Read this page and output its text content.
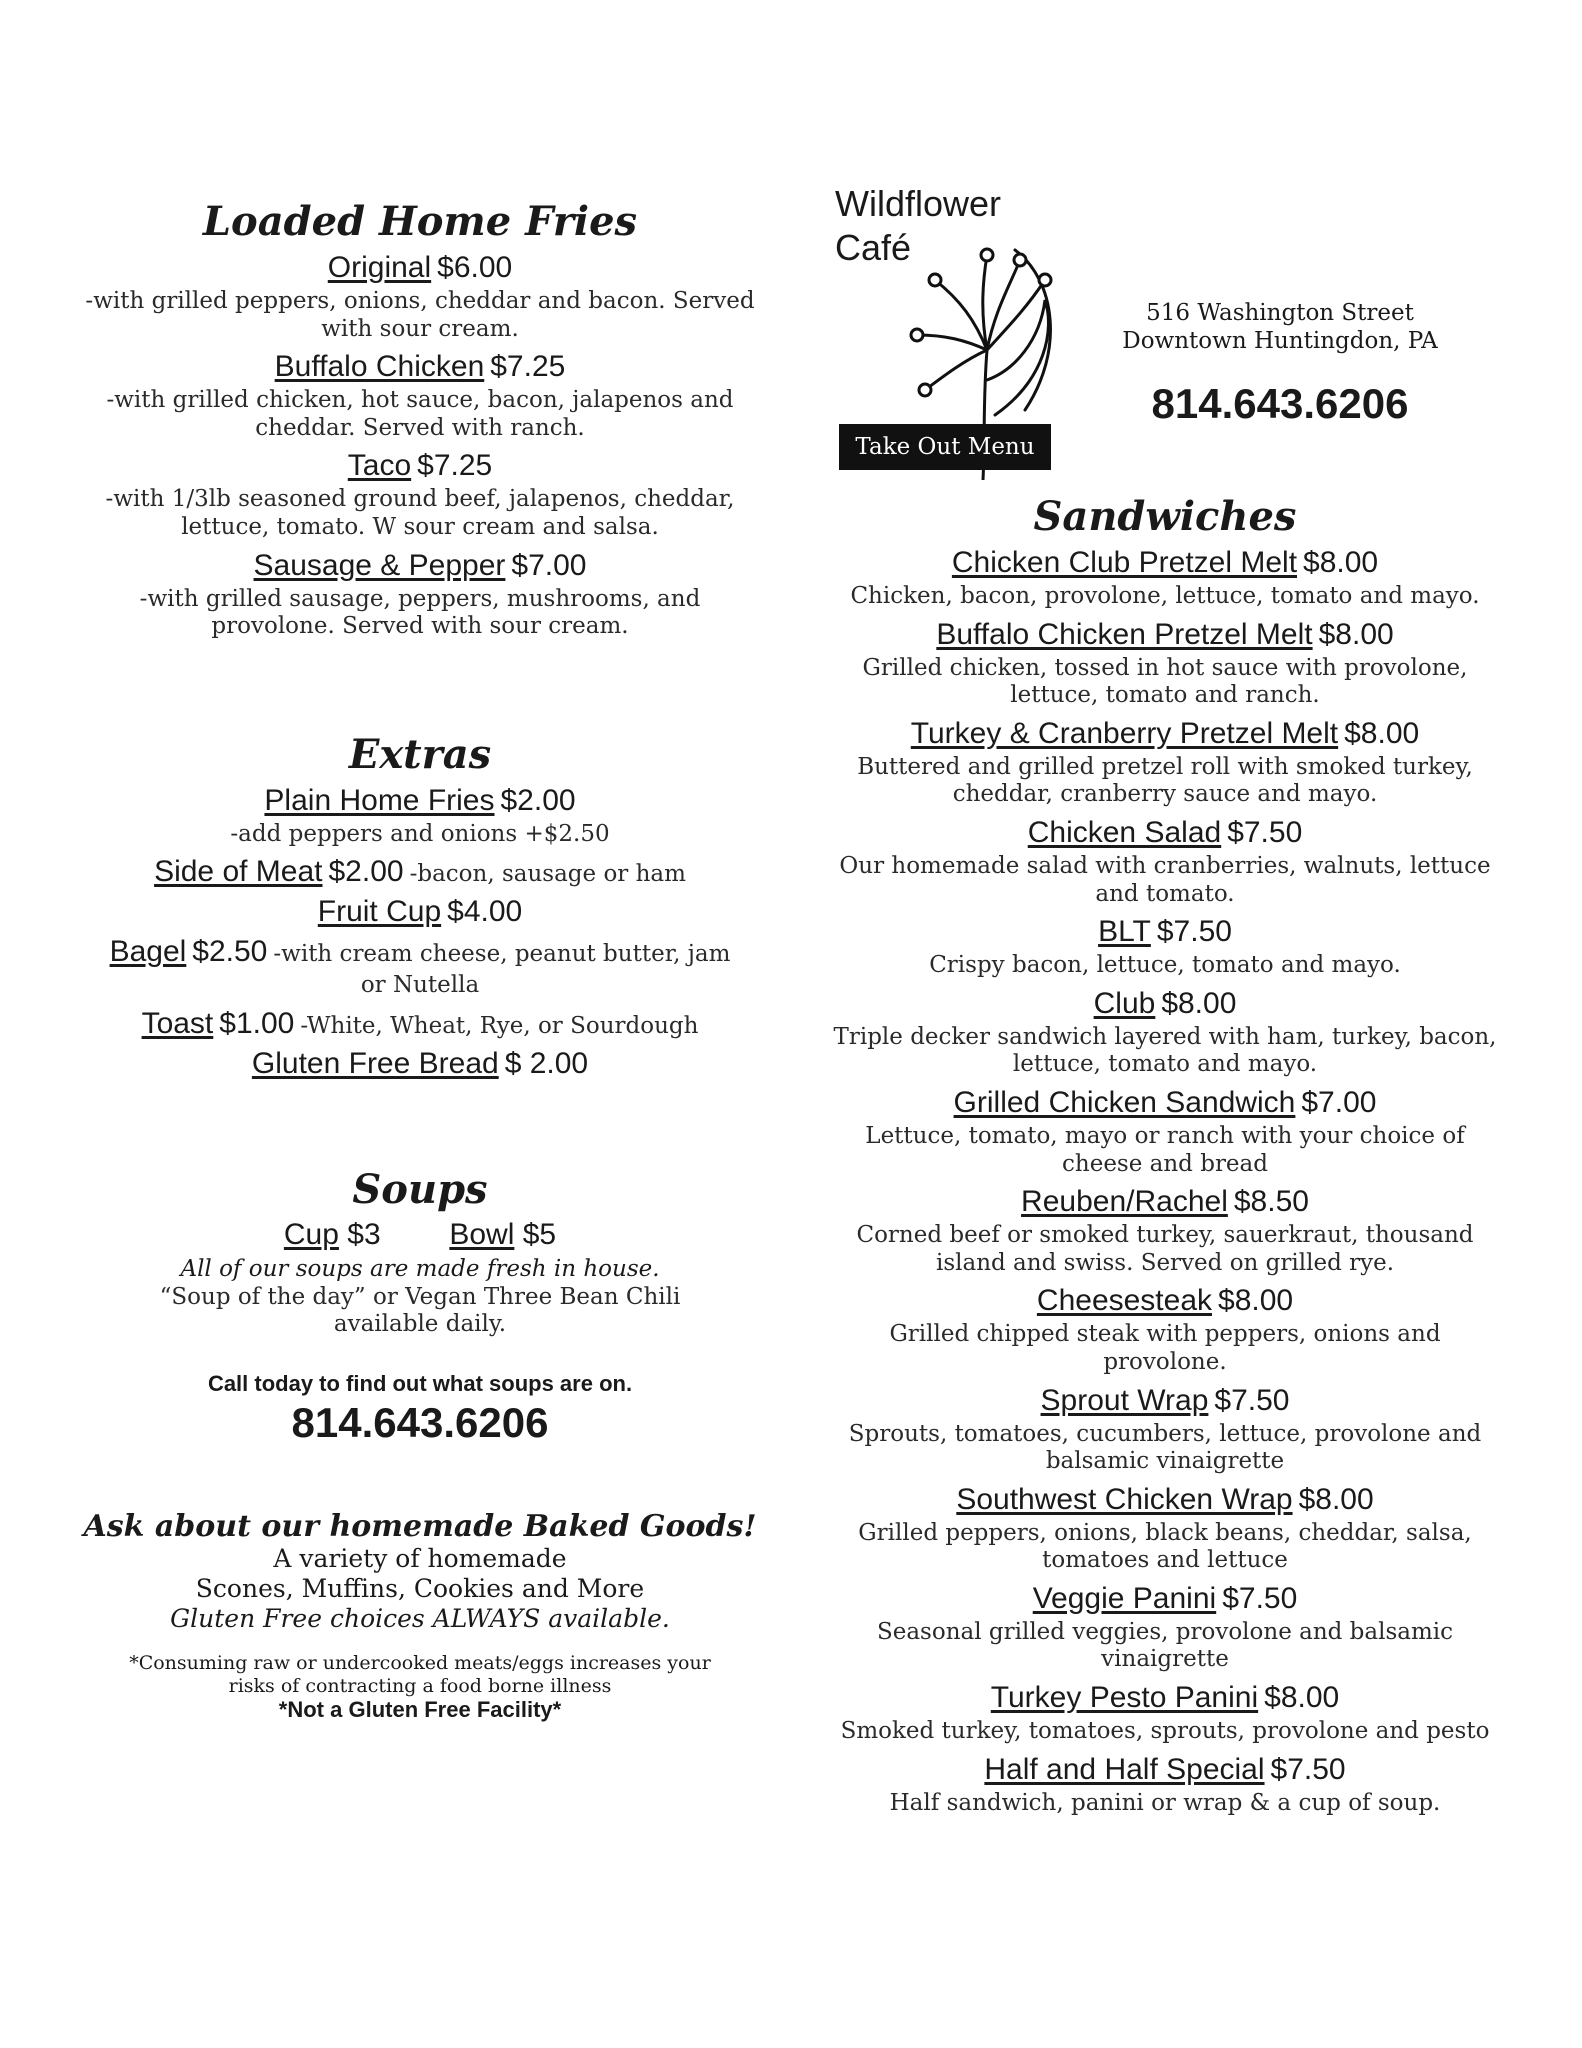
Wildflower
Café
Take Out Menu
516 Washington Street
Downtown Huntingdon, PA
814.643.6206
Loaded Home Fries
Original $6.00
-with grilled peppers, onions, cheddar and bacon. Served with sour cream.
Buffalo Chicken $7.25
-with grilled chicken, hot sauce, bacon, jalapenos and cheddar. Served with ranch.
Taco $7.25
-with 1/3lb seasoned ground beef, jalapenos, cheddar, lettuce, tomato. W sour cream and salsa.
Sausage & Pepper $7.00
-with grilled sausage, peppers, mushrooms, and provolone. Served with sour cream.
Extras
Plain Home Fries $2.00
-add peppers and onions +$2.50
Side of Meat $2.00 -bacon, sausage or ham
Fruit Cup $4.00
Bagel $2.50 -with cream cheese, peanut butter, jam
or Nutella
Toast $1.00 -White, Wheat, Rye, or Sourdough
Gluten Free Bread $ 2.00
Soups
Cup $3 Bowl $5
All of our soups are made fresh in house.
“Soup of the day” or Vegan Three Bean Chili
available daily.
Call today to find out what soups are on.
814.643.6206
Ask about our homemade Baked Goods!
A variety of homemade
Scones, Muffins, Cookies and More
Gluten Free choices ALWAYS available.
*Consuming raw or undercooked meats/eggs increases your
risks of contracting a food borne illness
*Not a Gluten Free Facility*
Sandwiches
Chicken Club Pretzel Melt $8.00
Chicken, bacon, provolone, lettuce, tomato and mayo.
Buffalo Chicken Pretzel Melt $8.00
Grilled chicken, tossed in hot sauce with provolone, lettuce, tomato and ranch.
Turkey & Cranberry Pretzel Melt $8.00
Buttered and grilled pretzel roll with smoked turkey, cheddar, cranberry sauce and mayo.
Chicken Salad $7.50
Our homemade salad with cranberries, walnuts, lettuce and tomato.
BLT $7.50
Crispy bacon, lettuce, tomato and mayo.
Club $8.00
Triple decker sandwich layered with ham, turkey, bacon, lettuce, tomato and mayo.
Grilled Chicken Sandwich $7.00
Lettuce, tomato, mayo or ranch with your choice of cheese and bread
Reuben/Rachel $8.50
Corned beef or smoked turkey, sauerkraut, thousand island and swiss. Served on grilled rye.
Cheesesteak $8.00
Grilled chipped steak with peppers, onions and provolone.
Sprout Wrap $7.50
Sprouts, tomatoes, cucumbers, lettuce, provolone and balsamic vinaigrette
Southwest Chicken Wrap $8.00
Grilled peppers, onions, black beans, cheddar, salsa, tomatoes and lettuce
Veggie Panini $7.50
Seasonal grilled veggies, provolone and balsamic vinaigrette
Turkey Pesto Panini $8.00
Smoked turkey, tomatoes, sprouts, provolone and pesto
Half and Half Special $7.50
Half sandwich, panini or wrap & a cup of soup.
